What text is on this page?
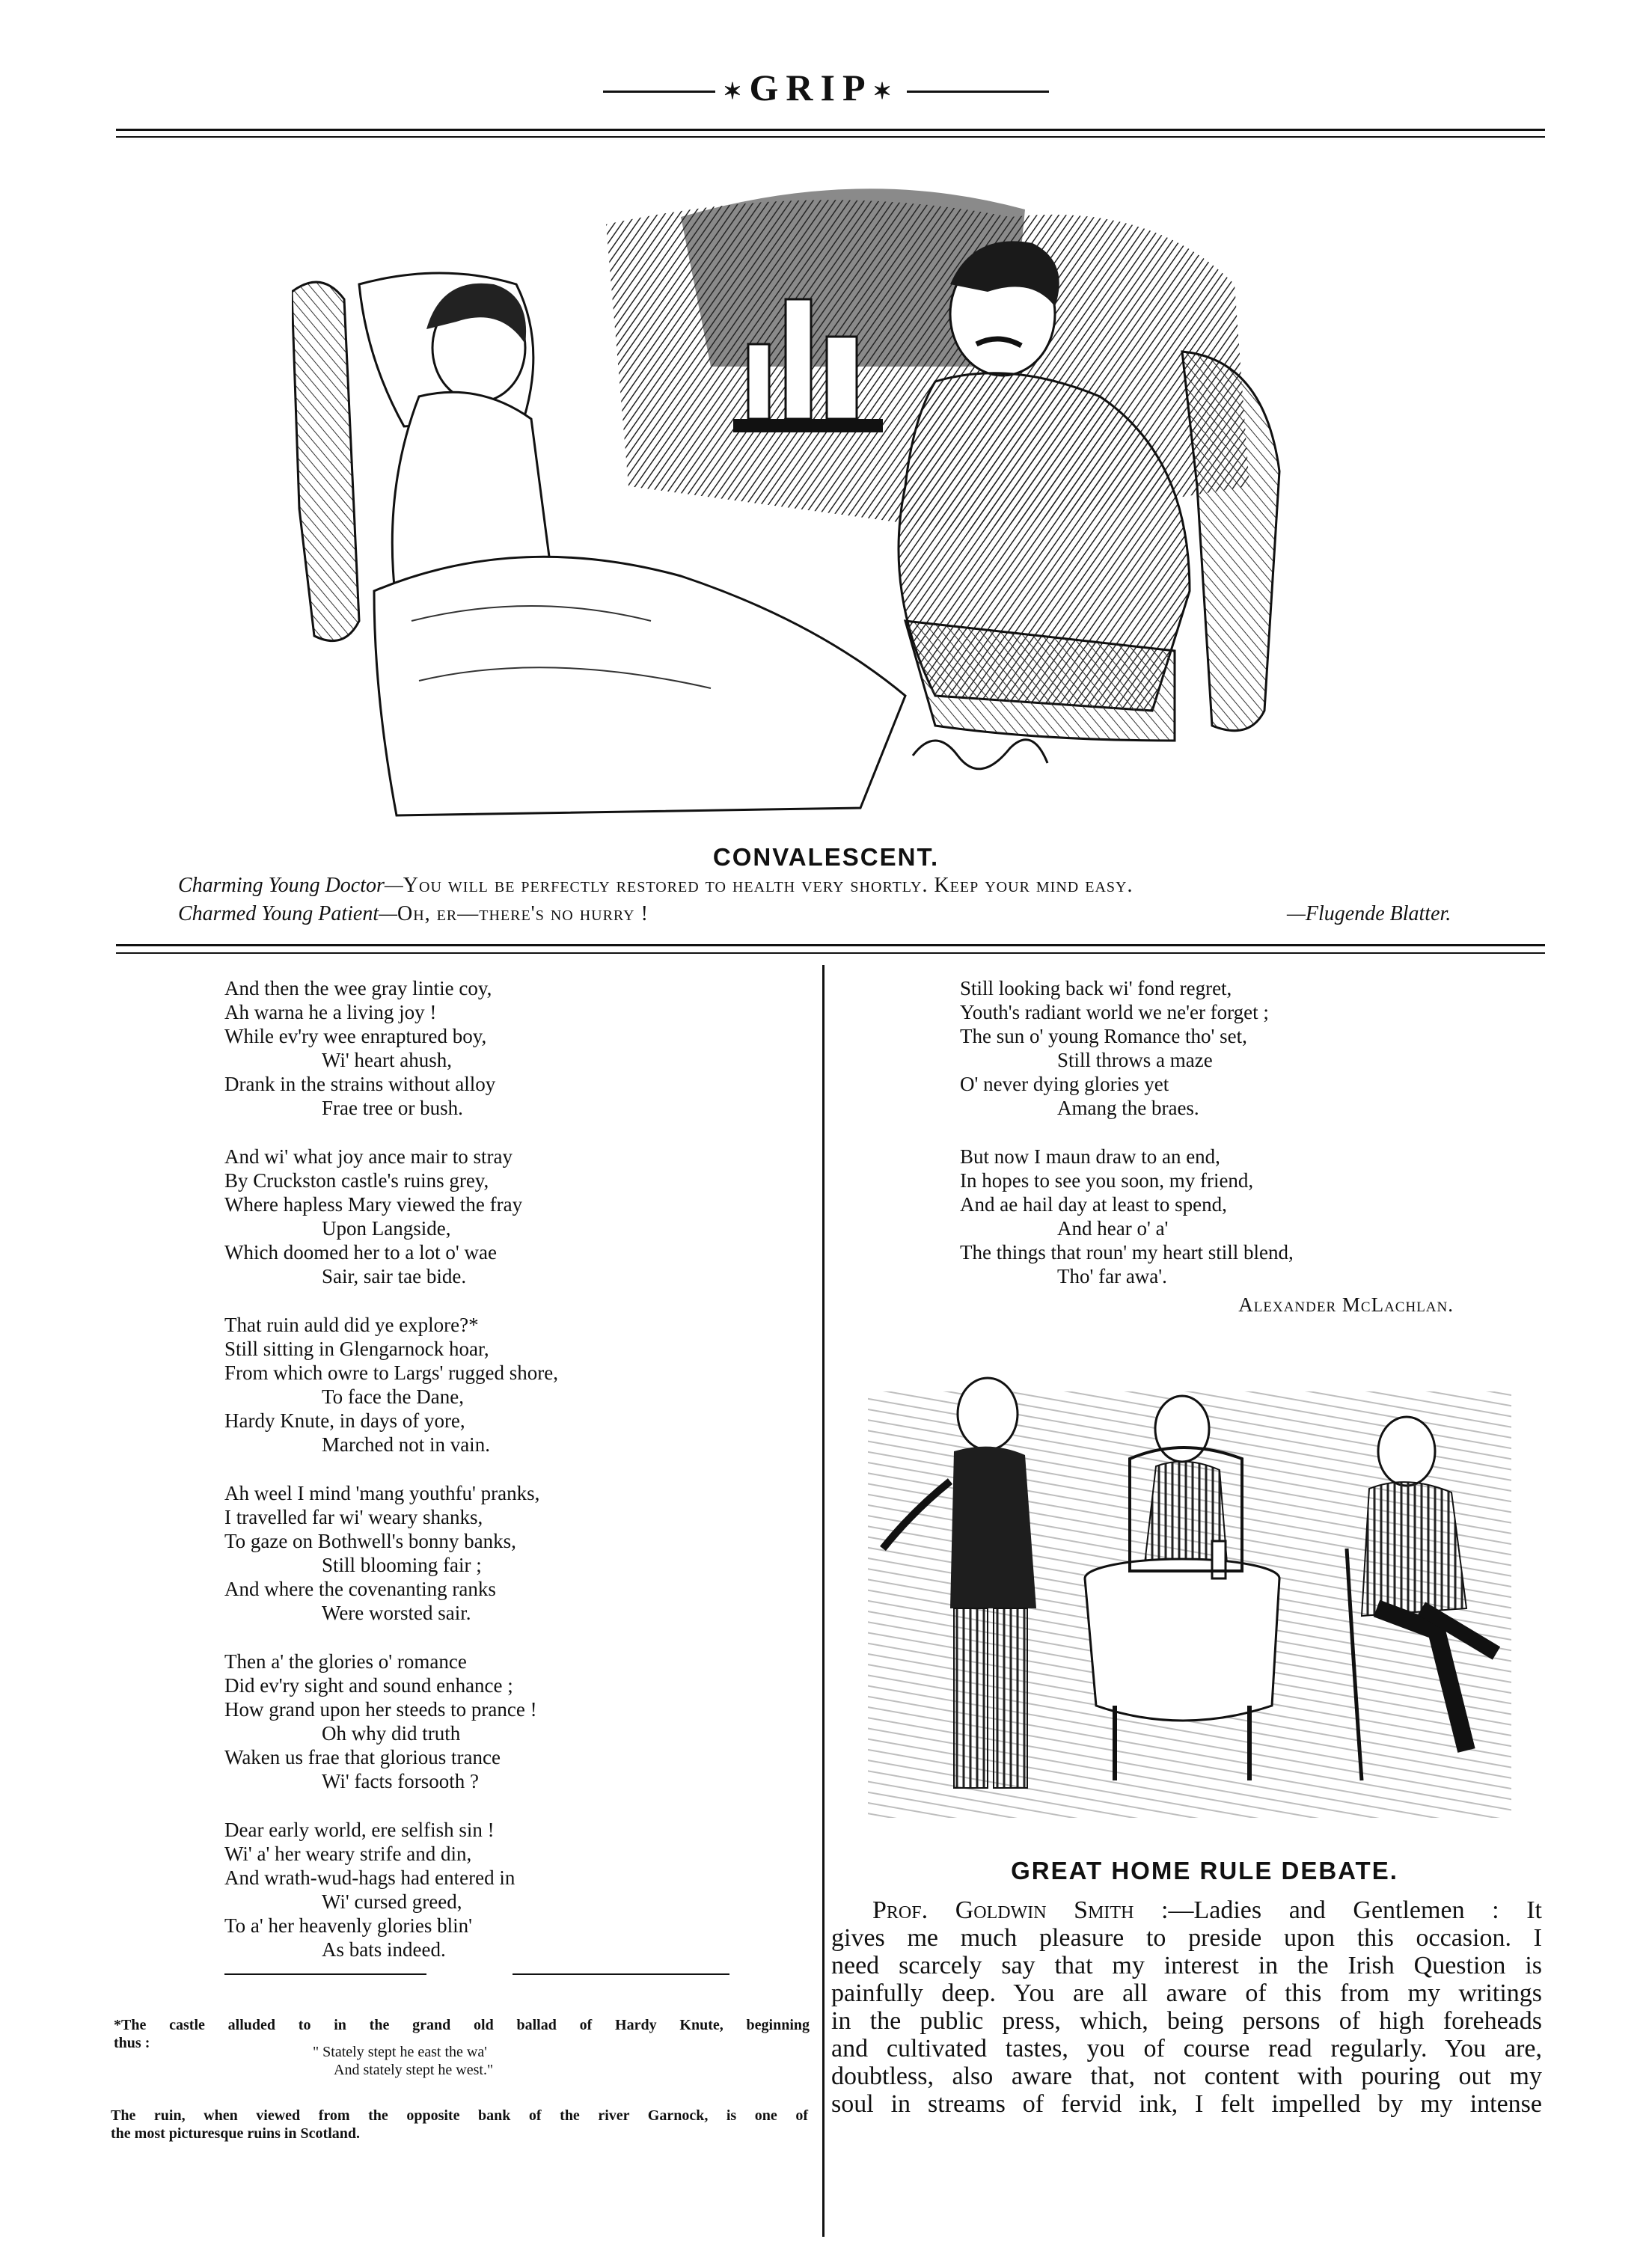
✶GRIP✶
CONVALESCENT.
Charming Young Doctor—You will be perfectly restored to health very shortly. Keep your mind easy.
Charmed Young Patient—Oh, er—there's no hurry !	—Flugende Blatter.
And then the wee gray lintie coy,
Ah warna he a living joy !
While ev'ry wee enraptured boy,
Wi' heart ahush,
Drank in the strains without alloy
Frae tree or bush.
And wi' what joy ance mair to stray
By Cruckston castle's ruins grey,
Where hapless Mary viewed the fray
Upon Langside,
Which doomed her to a lot o' wae
Sair, sair tae bide.
That ruin auld did ye explore?*
Still sitting in Glengarnock hoar,
From which owre to Largs' rugged shore,
To face the Dane,
Hardy Knute, in days of yore,
Marched not in vain.
Ah weel I mind 'mang youthfu' pranks,
I travelled far wi' weary shanks,
To gaze on Bothwell's bonny banks,
Still blooming fair ;
And where the covenanting ranks
Were worsted sair.
Then a' the glories o' romance
Did ev'ry sight and sound enhance ;
How grand upon her steeds to prance !
Oh why did truth
Waken us frae that glorious trance
Wi' facts forsooth ?
Dear early world, ere selfish sin !
Wi' a' her weary strife and din,
And wrath-wud-hags had entered in
Wi' cursed greed,
To a' her heavenly glories blin'
As bats indeed.
*The castle alluded to in the grand old ballad of Hardy Knute, beginning
thus :
" Stately stept he east the wa'
And stately stept he west."
The ruin, when viewed from the opposite bank of the river Garnock, is one of
the most picturesque ruins in Scotland.
Still looking back wi' fond regret,
Youth's radiant world we ne'er forget ;
The sun o' young Romance tho' set,
Still throws a maze
O' never dying glories yet
Amang the braes.
But now I maun draw to an end,
In hopes to see you soon, my friend,
And ae hail day at least to spend,
And hear o' a'
The things that roun' my heart still blend,
Tho' far awa'.
Alexander McLachlan.
GREAT HOME RULE DEBATE.
Prof. Goldwin Smith :—Ladies and Gentlemen : It
gives me much pleasure to preside upon this occasion. I
need scarcely say that my interest in the Irish Question is
painfully deep. You are all aware of this from my writings
in the public press, which, being persons of high foreheads
and cultivated tastes, you of course read regularly. You are,
doubtless, also aware that, not content with pouring out my
soul in streams of fervid ink, I felt impelled by my intense
